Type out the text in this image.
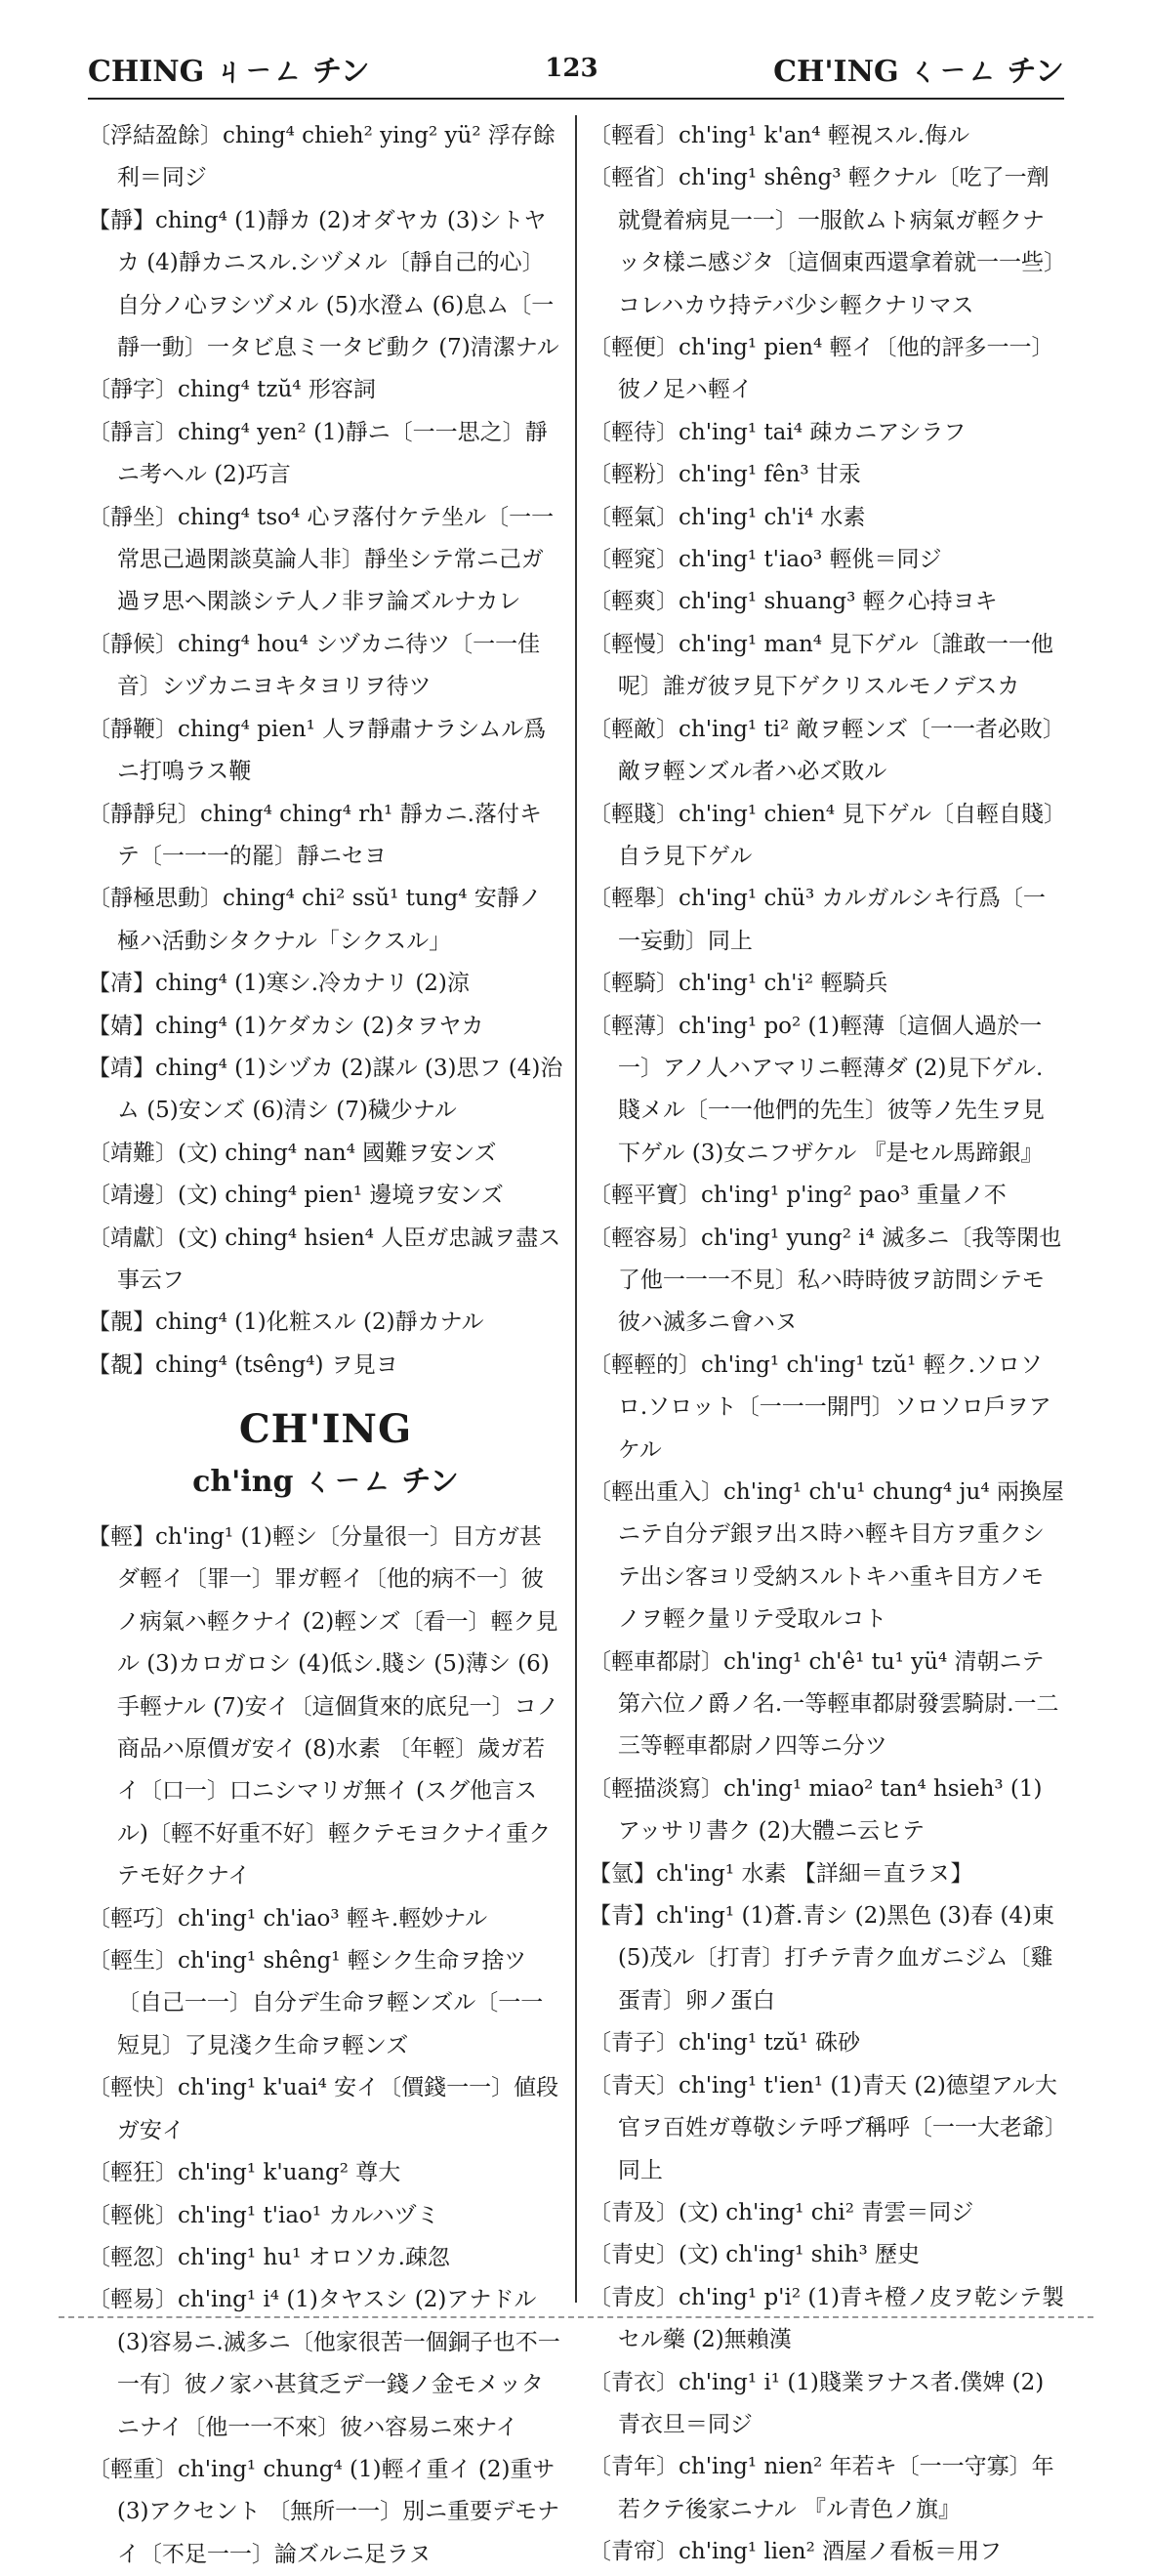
CHING ㄐㄧㄥ チン	123	CH'ING ㄑㄧㄥ チン

〔浮結盈餘〕ching⁴ chieh² ying² yü² 浮存餘利＝同ジ

【靜】ching⁴ (1)靜カ (2)オダヤカ (3)シトヤカ (4)靜カニスル.シヅメル〔靜自己的心〕自分ノ心ヲシヅメル (5)水澄ム (6)息ム〔一靜一動〕一タビ息ミ一タビ動ク (7)清潔ナル

〔靜字〕ching⁴ tzŭ⁴ 形容詞

〔靜言〕ching⁴ yen² (1)靜ニ〔一一思之〕靜ニ考ヘル (2)巧言

〔靜坐〕ching⁴ tso⁴ 心ヲ落付ケテ坐ル〔一一常思己過閑談莫論人非〕靜坐シテ常ニ己ガ過ヲ思ヘ閑談シテ人ノ非ヲ論ズルナカレ

〔靜候〕ching⁴ hou⁴ シヅカニ待ツ〔一一佳音〕シヅカニヨキタヨリヲ待ツ

〔靜鞭〕ching⁴ pien¹ 人ヲ靜肅ナラシムル爲ニ打鳴ラス鞭

〔靜靜兒〕ching⁴ ching⁴ rh¹ 靜カニ.落付キテ〔一一一的罷〕靜ニセヨ

〔靜極思動〕ching⁴ chi² ssŭ¹ tung⁴ 安靜ノ極ハ活動シタクナル「シクスル」

【凊】ching⁴ (1)寒シ.冷カナリ (2)涼

【婧】ching⁴ (1)ケダカシ (2)タヲヤカ

【靖】ching⁴ (1)シヅカ (2)謀ル (3)思フ (4)治ム (5)安ンズ (6)清シ (7)穢少ナル

〔靖難〕(文) ching⁴ nan⁴ 國難ヲ安ンズ

〔靖邊〕(文) ching⁴ pien¹ 邊境ヲ安ンズ

〔靖獻〕(文) ching⁴ hsien⁴ 人臣ガ忠誠ヲ盡ス事云フ

【靚】ching⁴ (1)化粧スル (2)靜カナル

【覩】ching⁴ (tsêng⁴) ヲ見ヨ

CH'ING
ch'ing ㄑㄧㄥ チン

【輕】ch'ing¹ (1)輕シ〔分量很一〕目方ガ甚ダ輕イ〔罪一〕罪ガ輕イ〔他的病不一〕彼ノ病氣ハ輕クナイ (2)輕ンズ〔看一〕輕ク見ル (3)カロガロシ (4)低シ.賤シ (5)薄シ (6)手輕ナル (7)安イ〔這個貨來的底兒一〕コノ商品ハ原價ガ安イ (8)水素 〔年輕〕歲ガ若イ〔口一〕口ニシマリガ無イ (スグ他言スル)〔輕不好重不好〕輕クテモヨクナイ重クテモ好クナイ

〔輕巧〕ch'ing¹ ch'iao³ 輕キ.輕妙ナル

〔輕生〕ch'ing¹ shêng¹ 輕シク生命ヲ捨ツ〔自己一一〕自分デ生命ヲ輕ンズル〔一一短見〕了見淺ク生命ヲ輕ンズ

〔輕快〕ch'ing¹ k'uai⁴ 安イ〔價錢一一〕値段ガ安イ

〔輕狂〕ch'ing¹ k'uang² 尊大

〔輕佻〕ch'ing¹ t'iao¹ カルハヅミ

〔輕忽〕ch'ing¹ hu¹ オロソカ.疎忽

〔輕易〕ch'ing¹ i⁴ (1)タヤスシ (2)アナドル (3)容易ニ.滅多ニ〔他家很苦一個銅子也不一一有〕彼ノ家ハ甚貧乏デ一錢ノ金モメッタニナイ〔他一一不來〕彼ハ容易ニ來ナイ

〔輕重〕ch'ing¹ chung⁴ (1)輕イ重イ (2)重サ (3)アクセント 〔無所一一〕別ニ重要デモナイ〔不足一一〕論ズルニ足ラヌ

〔輕看〕ch'ing¹ k'an⁴ 輕視スル.侮ル

〔輕省〕ch'ing¹ shêng³ 輕クナル〔吃了一劑就覺着病見一一〕一服飮ムト病氣ガ輕クナッタ樣ニ感ジタ〔這個東西還拿着就一一些〕コレハカウ持テバ少シ輕クナリマス

〔輕便〕ch'ing¹ pien⁴ 輕イ〔他的評多一一〕彼ノ足ハ輕イ

〔輕待〕ch'ing¹ tai⁴ 疎カニアシラフ

〔輕粉〕ch'ing¹ fên³ 甘汞

〔輕氣〕ch'ing¹ ch'i⁴ 水素

〔輕窕〕ch'ing¹ t'iao³ 輕佻＝同ジ

〔輕爽〕ch'ing¹ shuang³ 輕ク心持ヨキ

〔輕慢〕ch'ing¹ man⁴ 見下ゲル〔誰敢一一他呢〕誰ガ彼ヲ見下ゲクリスルモノデスカ

〔輕敵〕ch'ing¹ ti² 敵ヲ輕ンズ〔一一者必敗〕敵ヲ輕ンズル者ハ必ズ敗ル

〔輕賤〕ch'ing¹ chien⁴ 見下ゲル〔自輕自賤〕自ラ見下ゲル

〔輕舉〕ch'ing¹ chü³ カルガルシキ行爲〔一一妄動〕同上

〔輕騎〕ch'ing¹ ch'i² 輕騎兵

〔輕薄〕ch'ing¹ po² (1)輕薄〔這個人過於一一〕アノ人ハアマリニ輕薄ダ (2)見下ゲル.賤メル〔一一他們的先生〕彼等ノ先生ヲ見下ゲル (3)女ニフザケル 『是セル馬蹄銀』

〔輕平寶〕ch'ing¹ p'ing² pao³ 重量ノ不

〔輕容易〕ch'ing¹ yung² i⁴ 滅多ニ〔我等閑也了他一一一不見〕私ハ時時彼ヲ訪問シテモ彼ハ滅多ニ會ハヌ

〔輕輕的〕ch'ing¹ ch'ing¹ tzŭ¹ 輕ク.ソロソロ.ソロット〔一一一開門〕ソロソロ戶ヲアケル

〔輕出重入〕ch'ing¹ ch'u¹ chung⁴ ju⁴ 兩換屋ニテ自分デ銀ヲ出ス時ハ輕キ目方ヲ重クシテ出シ客ヨリ受納スルトキハ重キ目方ノモノヲ輕ク量リテ受取ルコト

〔輕車都尉〕ch'ing¹ ch'ê¹ tu¹ yü⁴ 清朝ニテ第六位ノ爵ノ名.一等輕車都尉發雲騎尉.一二三等輕車都尉ノ四等ニ分ツ

〔輕描淡寫〕ch'ing¹ miao² tan⁴ hsieh³ (1)アッサリ書ク (2)大體ニ云ヒテ

【氫】ch'ing¹ 水素 【詳細＝直ラヌ】

【青】ch'ing¹ (1)蒼.青シ (2)黑色 (3)春 (4)東 (5)茂ル〔打青〕打チテ青ク血ガニジム〔雞蛋青〕卵ノ蛋白

〔青子〕ch'ing¹ tzŭ¹ 硃砂

〔青天〕ch'ing¹ t'ien¹ (1)青天 (2)德望アル大官ヲ百姓ガ尊敬シテ呼ブ稱呼〔一一大老爺〕同上

〔青及〕(文) ch'ing¹ chi² 青雲＝同ジ

〔青史〕(文) ch'ing¹ shih³ 歷史

〔青皮〕ch'ing¹ p'i² (1)青キ橙ノ皮ヲ乾シテ製セル藥 (2)無賴漢

〔青衣〕ch'ing¹ i¹ (1)賤業ヲナス者.僕婢 (2)青衣旦＝同ジ

〔青年〕ch'ing¹ nien² 年若キ〔一一守寡〕年若クテ後家ニナル 『ル青色ノ旗』

〔青帘〕ch'ing¹ lien² 酒屋ノ看板＝用フ
